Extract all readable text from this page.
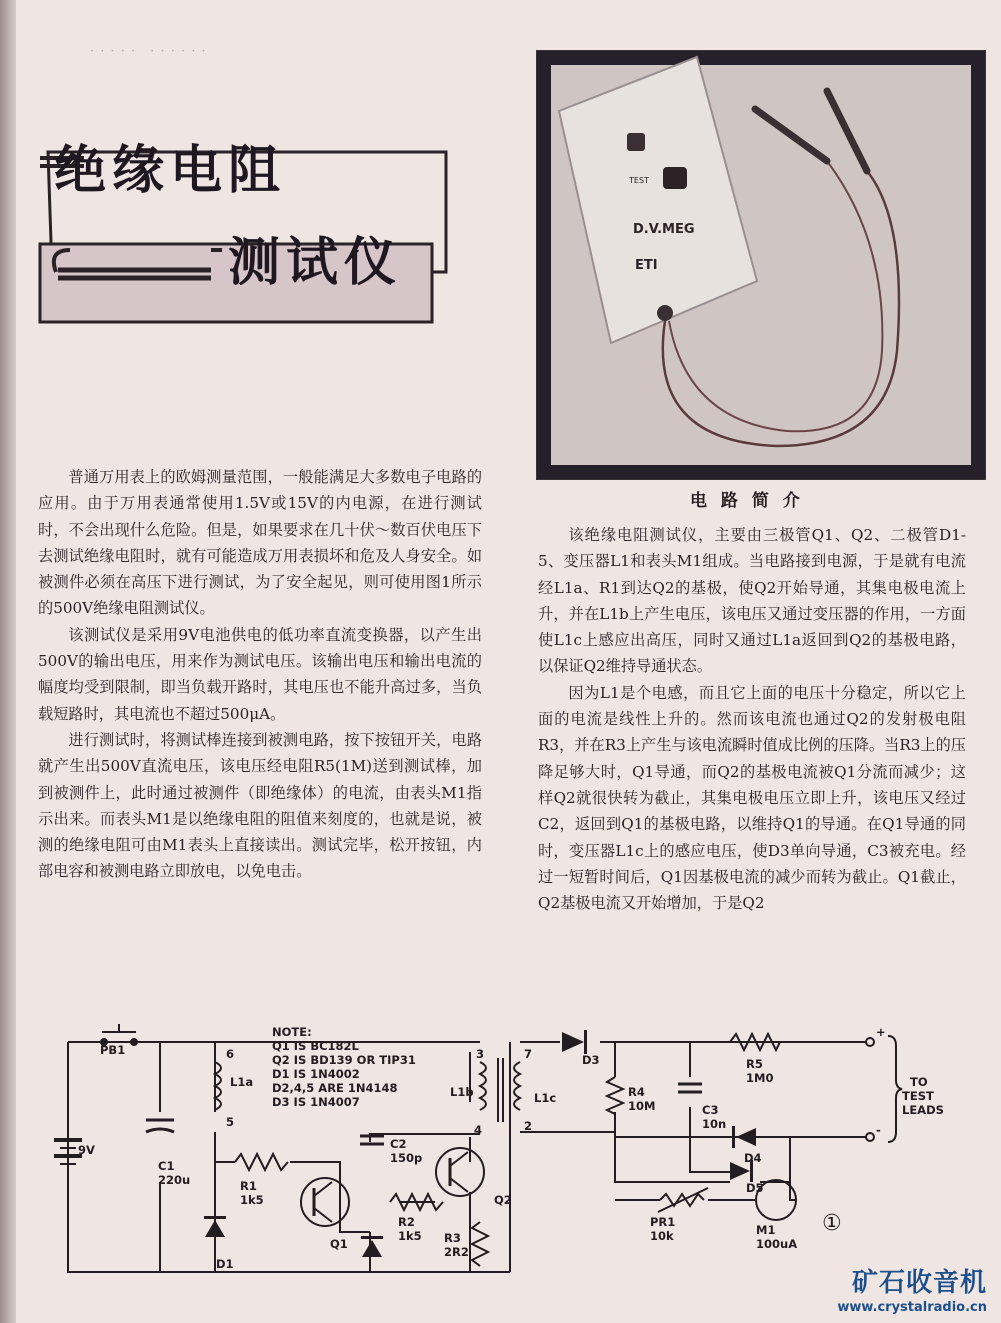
· · · · ·　· · · · · ·
绝缘电阻
测试仪
TEST
D.V.MEG
ETI
电 路 简 介

普通万用表上的欧姆测量范围，一般能满足大多数电子电路的应用。由于万用表通常使用1.5V或15V的内电源，在进行测试时，不会出现什么危险。但是，如果要求在几十伏～数百伏电压下去测试绝缘电阻时，就有可能造成万用表损坏和危及人身安全。如被测件必须在高压下进行测试，为了安全起见，则可使用图1所示的500V绝缘电阻测试仪。

该测试仪是采用9V电池供电的低功率直流变换器，以产生出500V的输出电压，用来作为测试电压。该输出电压和输出电流的幅度均受到限制，即当负载开路时，其电压也不能升高过多，当负载短路时，其电流也不超过500μA。

进行测试时，将测试棒连接到被测电路，按下按钮开关，电路就产生出500V直流电压，该电压经电阻R5(1M)送到测试棒，加到被测件上，此时通过被测件（即绝缘体）的电流，由表头M1指示出来。而表头M1是以绝缘电阻的阻值来刻度的，也就是说，被测的绝缘电阻可由M1表头上直接读出。测试完毕，松开按钮，内部电容和被测电路立即放电，以免电击。

该绝缘电阻测试仪，主要由三极管Q1、Q2、二极管D1-5、变压器L1和表头M1组成。当电路接到电源，于是就有电流经L1a、R1到达Q2的基极，使Q2开始导通，其集电极电流上升，并在L1b上产生电压，该电压又通过变压器的作用，一方面使L1c上感应出高压，同时又通过L1a返回到Q2的基极电路，以保证Q2维持导通状态。

因为L1是个电感，而且它上面的电压十分稳定，所以它上面的电流是线性上升的。然而该电流也通过Q2的发射极电阻R3，并在R3上产生与该电流瞬时值成比例的压降。当R3上的压降足够大时，Q1导通，而Q2的基极电流被Q1分流而减少；这样Q2就很快转为截止，其集电极电压立即上升，该电压又经过C2，返回到Q1的基极电路，以维持Q1的导通。在Q1导通的同时，变压器L1c上的感应电压，使D3单向导通，C3被充电。经过一短暂时间后，Q1因基极电流的减少而转为截止。Q1截止，Q2基极电流又开始增加，于是Q2

NOTE:
Q1 IS BC182L
Q2 IS BD139 OR TIP31
D1 IS 1N4002
D2,4,5 ARE 1N4148
D3 IS 1N4007
PB1
9V
C1
220u
6
L1a
5
R1
1k5
Q1
D1
C2
150p
R2
1k5 R3
2R2
Q2
3
L1b
4
7
L1c
2
D3
R4
10M	C3
10n
R5
1M0
D4
D5
PR1
10k	M1
100uA
+
-
TO
TEST
LEADS
①
矿石收音机
www.crystalradio.cn
